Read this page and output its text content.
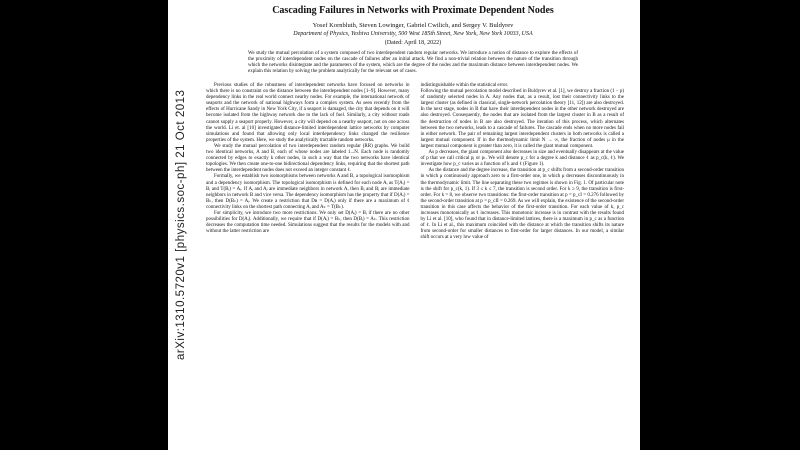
arXiv:1310.5720v1 [physics.soc-ph] 21 Oct 2013
Cascading Failures in Networks with Proximate Dependent Nodes
Yosef Kornbluth, Steven Lowinger, Gabriel Cwilich, and Sergey V. Buldyrev
Department of Physics, Yeshiva University, 500 West 185th Street, New York, New York 10033, USA
(Dated: April 18, 2022)
We study the mutual percolation of a system composed of two interdependent random regular networks. We introduce a notion of distance to explore the effects of the proximity of interdependent nodes on the cascade of failures after an initial attack. We find a non-trivial relation between the nature of the transition through which the networks disintegrate and the parameters of the system, which are the degree of the nodes and the maximum distance between interdependent nodes. We explain this relation by solving the problem analytically for the relevant set of cases.

Previous studies of the robustness of interdependent networks have focused on networks in which there is no constraint on the distance between the interdependent nodes [1–9]. However, many dependency links in the real world connect nearby nodes. For example, the international network of seaports and the network of national highways form a complex system. As seen recently from the effects of Hurricane Sandy in New York City, if a seaport is damaged, the city that depends on it will become isolated from the highway network due to the lack of fuel. Similarly, a city without roads cannot supply a seaport properly. However, a city will depend on a nearby seaport, not on one across the world. Li et. al [10] investigated distance-limited interdependent lattice networks by computer simulations and found that allowing only local interdependency links changed the resilience properties of the system. Here, we study the analytically tractable random networks.

We study the mutual percolation of two interdependent random regular (RR) graphs. We build two identical networks, A and B, each of whose nodes are labeled 1...N. Each node is randomly connected by edges to exactly k other nodes, in such a way that the two networks have identical topologies. We then create one-to-one bidirectional dependency links, requiring that the shortest path between the interdependent nodes does not exceed an integer constant ℓ.

Formally, we establish two isomorphisms between networks A and B, a topological isomorphism and a dependency isomorphism. The topological isomorphism is defined for each node Aᵢ as T(Aᵢ) = Bᵢ and T(Bᵢ) = Aᵢ. If Aᵢ and Aⱼ are immediate neighbors in network A, then Bᵢ and Bⱼ are immediate neighbors in network B and vice versa. The dependency isomorphism has the property that if D(Aᵢ) = Bₖ, then D(Bₖ) = Aᵢ. We create a restriction that Dʙ = D(Aᵢ) only if there are a maximum of ℓ connectivity links on the shortest path connecting Aᵢ and Aₖ = T(Bₖ).

For simplicity, we introduce two more restrictions. We only set D(Aᵢ) = Bᵢ if there are no other possibilities for D(Aᵢ). Additionally, we require that if D(Aᵢ) = Bₖ, then D(Bᵢ) = Aₖ. This restriction decreases the computation time needed. Simulations suggest that the results for the models with and without the latter restriction are

indistinguishable within the statistical error.

Following the mutual percolation model described in Buldyrev et al. [1], we destroy a fraction (1 − p) of randomly selected nodes in A. Any nodes that, as a result, lost their connectivity links to the largest cluster (as defined in classical, single-network percolation theory [11, 12]) are also destroyed. In the next stage, nodes in B that have their interdependent nodes in the other network destroyed are also destroyed. Consequently, the nodes that are isolated from the largest cluster in B as a result of the destruction of nodes in B are also destroyed. The iteration of this process, which alternates between the two networks, leads to a cascade of failures. The cascade ends when no more nodes fail in either network. The pair of remaining largest interdependent clusters in both networks is called a largest mutual component. If in the thermodynamic limit N → ∞, the fraction of nodes μ in the largest mutual component is greater than zero, it is called the giant mutual component.

As p decreases, the giant component also decreases in size and eventually disappears at the value of p that we call critical pⱼ or pₜ. We will denote p_c for a degree k and distance ℓ as p_c(k, ℓ). We investigate how p_c varies as a function of k and ℓ (Figure 1).

As the distance and the degree increase, the transition at p_c shifts from a second-order transition in which μ continuously approach zero to a first-order one, in which μ decreases discontinuously in the thermodynamic limit. The line separating these two regimes is shown in Fig. 1. Of particular note is the shift for p_c(k, 1). If 3 ≤ k ≤ 7, the transition is second order. For k ≥ 9, the transition is first-order. For k = 8, we observe two transitions: the first-order transition at p = p_cI = 0.276 followed by the second-order transition at p = p_cII = 0.269. As we will explain, the existence of the second-order transition in this case affects the behavior of the first-order transition. For each value of k, p_c increases monotonically as ℓ increases. This monotonic increase is in contrast with the results found by Li et al. [10], who found that in distance-limited lattices, there is a maximum in p_c as a function of ℓ. In Li et al., this maximum coincided with the distance at which the transition shifts its nature from second-order for smaller distances to first-order for larger distances. In our model, a similar shift occurs at a very low value of
